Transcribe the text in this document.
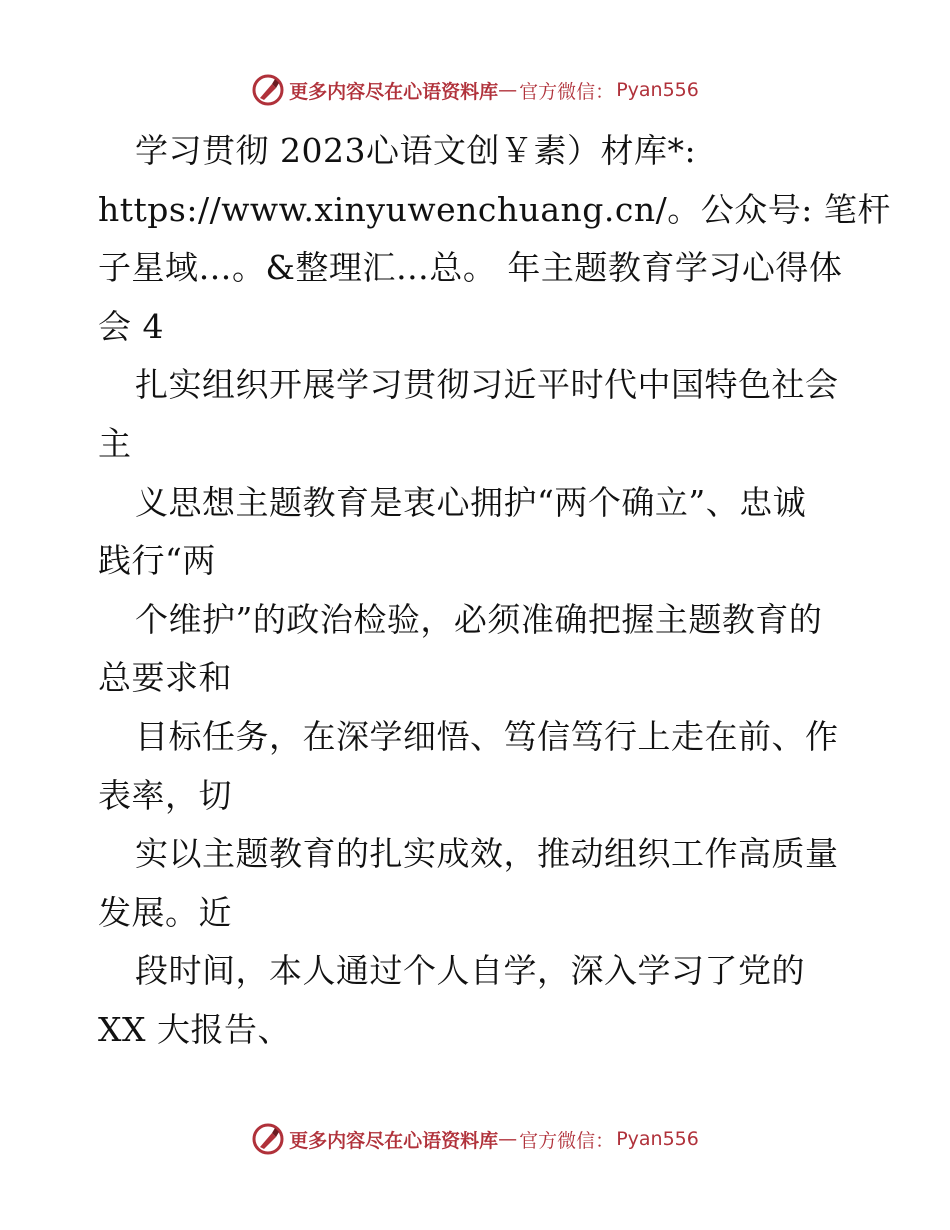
更多内容尽在心语资料库 — 官方微信： Pyan556
学习贯彻 2023心语文创￥素）材库*:
https://www.xinyuwenchuang.cn/。公众号: 笔杆
子星域…。&整理汇…总。 年主题教育学习心得体
会 4
扎实组织开展学习贯彻习近平时代中国特色社会
主
义思想主题教育是衷心拥护“两个确立”、忠诚
践行“两
个维护”的政治检验，必须准确把握主题教育的
总要求和
目标任务，在深学细悟、笃信笃行上走在前、作
表率，切
实以主题教育的扎实成效，推动组织工作高质量
发展。近
段时间，本人通过个人自学，深入学习了党的
XX 大报告、
更多内容尽在心语资料库 — 官方微信： Pyan556
